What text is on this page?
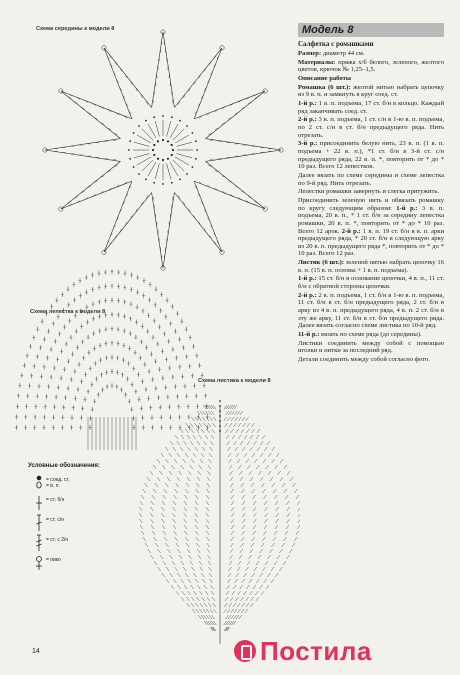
Схема середины к модели 8
Схема лепестка к модели 8
Схема листика к модели 8
Условные обозначения:
= соед. ст.
= в. п.
= ст. б/н
= ст. с/н
= ст. с 2/н
= пикo
Модель 8

Салфетка с ромашками

Размер: диаметр 44 см.

Материалы: пряжа х/б белого, зеленого, желтого цветов, крючок № 1,25–1,5.

Описание работы

Ромашка (6 шт.): желтой нитью набрать цепочку из 9 в. п. и замкнуть в круг соед. ст.

1-й р.: 1 в. п. подъема, 17 ст. б/н в кольцо. Каждый ряд заканчивать соед. ст.

2-й р.: 3 в. п. подъема, 1 ст. с/н в 1-ю в. п. подъема, по 2 ст. с/н в ст. б/н предыдущего ряда. Нить отрезать.

3-й р.: присоединить белую нить, 23 в. п. (1 в. п. подъема + 22 в. п.), *1 ст. б/н в 3-й ст. с/н предыдущего ряда, 22 в. п. *, повторить от * до * 10 раз. Всего 12 лепестков.

Далее вязать по схеме середины и схеме лепестка по 9-й ряд. Нить отрезать.

Лепестки ромашки завернуть и слегка притужить.

Присоединить зеленую нить и обвязать ромашку по кругу следующим образом: 1-й р.: 3 в. п. подъема, 20 в. п., * 1 ст. б/н за середину лепестка ромашки, 20 в. п. *, повторить от * до * 10 раз. Всего 12 арок. 2-й р.: 1 в. п. 19 ст. б/н в в. п. арки предыдущего ряда, * 20 ст. б/н в следующую арку из 20 в. п. предыдущего ряда *, повторить от * до * 10 раз. Всего 12 раз.

Листик (6 шт.): зеленой нитью набрать цепочку 16 в. п. (15 в. п. основы + 1 в. п. подъема).

1-й р.: 15 ст. б/н в основание цепочки, 4 в. п., 11 ст. б/н с обратной стороны цепочки.

2-й р.: 2 в. п. подъема, 1 ст. б/н в 1-ю в. п. подъема, 11 ст. б/н в ст. б/н предыдущего ряда, 2 ст. б/н в арку из 4 в. п. предыдущего ряда, 4 в. п. 2 ст. б/н в эту же арку, 11 ст. б/н в ст. б/н предыдущего ряда. Далее вязать согласно схеме листика по 10-й ряд.

11-й р.: вязать по схеме ряда (до середины).

Листики соединить между собой с помощью иголки и нитки за последний ряд.

Детали соединить между собой согласно фото.

14	Постила
